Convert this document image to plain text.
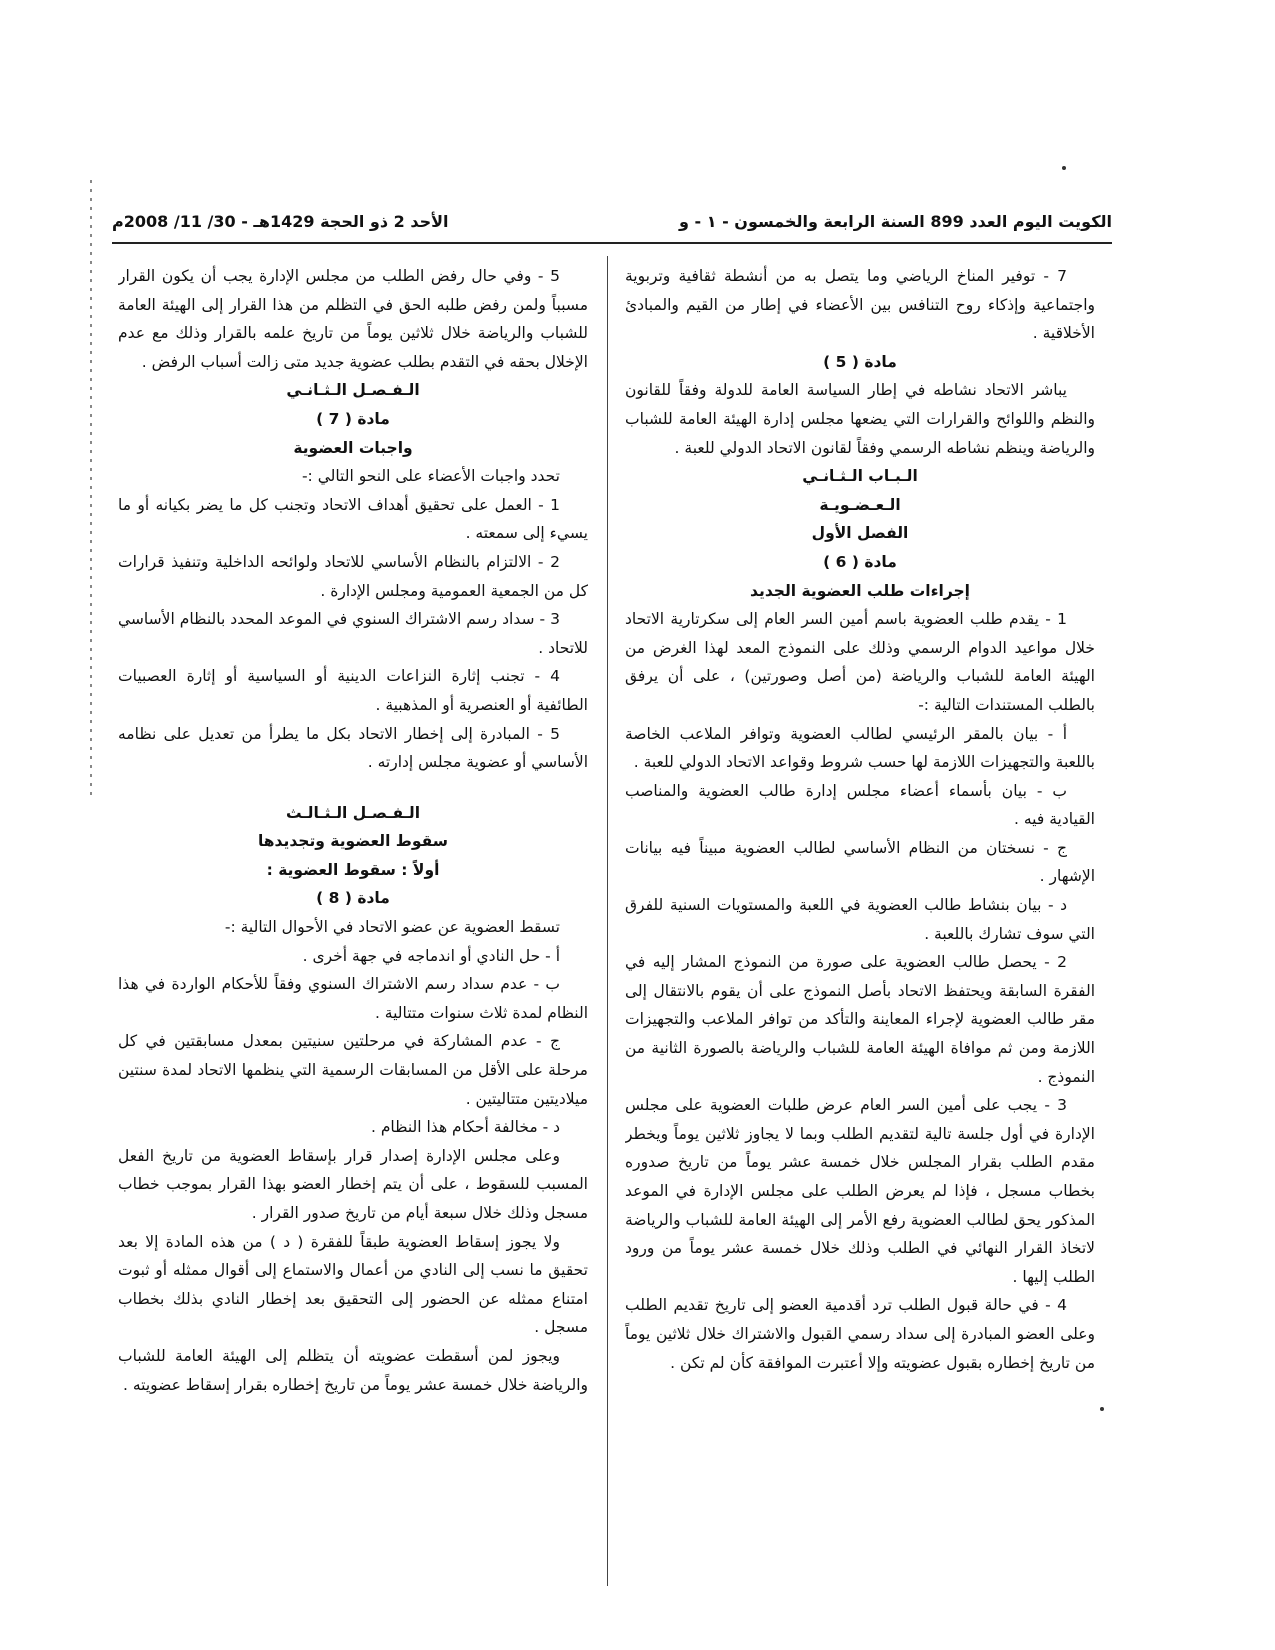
الكويت اليوم العدد 899 السنة الرابعة والخمسون - ١ - و
الأحد 2 ذو الحجة 1429هـ - 30/ 11/ 2008م

7 - توفير المناخ الرياضي وما يتصل به من أنشطة ثقافية وتربوية واجتماعية وإذكاء روح التنافس بين الأعضاء في إطار من القيم والمبادئ الأخلاقية .

مادة ( 5 )

يباشر الاتحاد نشاطه في إطار السياسة العامة للدولة وفقاً للقانون والنظم واللوائح والقرارات التي يضعها مجلس إدارة الهيئة العامة للشباب والرياضة وينظم نشاطه الرسمي وفقاً لقانون الاتحاد الدولي للعبة .

الـبـاب الـثـانـي

الـعـضـويـة

الفصل الأول

مادة ( 6 )

إجراءات طلب العضوية الجديد

1 - يقدم طلب العضوية باسم أمين السر العام إلى سكرتارية الاتحاد خلال مواعيد الدوام الرسمي وذلك على النموذج المعد لهذا الغرض من الهيئة العامة للشباب والرياضة (من أصل وصورتين) ، على أن يرفق بالطلب المستندات التالية :-

أ - بيان بالمقر الرئيسي لطالب العضوية وتوافر الملاعب الخاصة باللعبة والتجهيزات اللازمة لها حسب شروط وقواعد الاتحاد الدولي للعبة .

ب - بيان بأسماء أعضاء مجلس إدارة طالب العضوية والمناصب القيادية فيه .

ج - نسختان من النظام الأساسي لطالب العضوية مبيناً فيه بيانات الإشهار .

د - بيان بنشاط طالب العضوية في اللعبة والمستويات السنية للفرق التي سوف تشارك باللعبة .

2 - يحصل طالب العضوية على صورة من النموذج المشار إليه في الفقرة السابقة ويحتفظ الاتحاد بأصل النموذج على أن يقوم بالانتقال إلى مقر طالب العضوية لإجراء المعاينة والتأكد من توافر الملاعب والتجهيزات اللازمة ومن ثم موافاة الهيئة العامة للشباب والرياضة بالصورة الثانية من النموذج .

3 - يجب على أمين السر العام عرض طلبات العضوية على مجلس الإدارة في أول جلسة تالية لتقديم الطلب وبما لا يجاوز ثلاثين يوماً ويخطر مقدم الطلب بقرار المجلس خلال خمسة عشر يوماً من تاريخ صدوره بخطاب مسجل ، فإذا لم يعرض الطلب على مجلس الإدارة في الموعد المذكور يحق لطالب العضوية رفع الأمر إلى الهيئة العامة للشباب والرياضة لاتخاذ القرار النهائي في الطلب وذلك خلال خمسة عشر يوماً من ورود الطلب إليها .

4 - في حالة قبول الطلب ترد أقدمية العضو إلى تاريخ تقديم الطلب وعلى العضو المبادرة إلى سداد رسمي القبول والاشتراك خلال ثلاثين يوماً من تاريخ إخطاره بقبول عضويته وإلا أعتبرت الموافقة كأن لم تكن .

5 - وفي حال رفض الطلب من مجلس الإدارة يجب أن يكون القرار مسبباً ولمن رفض طلبه الحق في التظلم من هذا القرار إلى الهيئة العامة للشباب والرياضة خلال ثلاثين يوماً من تاريخ علمه بالقرار وذلك مع عدم الإخلال بحقه في التقدم بطلب عضوية جديد متى زالت أسباب الرفض .

الـفـصـل الـثـانـي

مادة ( 7 )

واجبات العضوية

تحدد واجبات الأعضاء على النحو التالي :-

1 - العمل على تحقيق أهداف الاتحاد وتجنب كل ما يضر بكيانه أو ما يسيء إلى سمعته .

2 - الالتزام بالنظام الأساسي للاتحاد ولوائحه الداخلية وتنفيذ قرارات كل من الجمعية العمومية ومجلس الإدارة .

3 - سداد رسم الاشتراك السنوي في الموعد المحدد بالنظام الأساسي للاتحاد .

4 - تجنب إثارة النزاعات الدينية أو السياسية أو إثارة العصبيات الطائفية أو العنصرية أو المذهبية .

5 - المبادرة إلى إخطار الاتحاد بكل ما يطرأ من تعديل على نظامه الأساسي أو عضوية مجلس إدارته .

الـفـصـل الـثـالـث

سقوط العضوية وتجديدها

أولاً : سقوط العضوية :

مادة ( 8 )

تسقط العضوية عن عضو الاتحاد في الأحوال التالية :-

أ - حل النادي أو اندماجه في جهة أخرى .

ب - عدم سداد رسم الاشتراك السنوي وفقاً للأحكام الواردة في هذا النظام لمدة ثلاث سنوات متتالية .

ج - عدم المشاركة في مرحلتين سنيتين بمعدل مسابقتين في كل مرحلة على الأقل من المسابقات الرسمية التي ينظمها الاتحاد لمدة سنتين ميلاديتين متتاليتين .

د - مخالفة أحكام هذا النظام .

وعلى مجلس الإدارة إصدار قرار بإسقاط العضوية من تاريخ الفعل المسبب للسقوط ، على أن يتم إخطار العضو بهذا القرار بموجب خطاب مسجل وذلك خلال سبعة أيام من تاريخ صدور القرار .

ولا يجوز إسقاط العضوية طبقاً للفقرة ( د ) من هذه المادة إلا بعد تحقيق ما نسب إلى النادي من أعمال والاستماع إلى أقوال ممثله أو ثبوت امتناع ممثله عن الحضور إلى التحقيق بعد إخطار النادي بذلك بخطاب مسجل .

ويجوز لمن أسقطت عضويته أن يتظلم إلى الهيئة العامة للشباب والرياضة خلال خمسة عشر يوماً من تاريخ إخطاره بقرار إسقاط عضويته .
